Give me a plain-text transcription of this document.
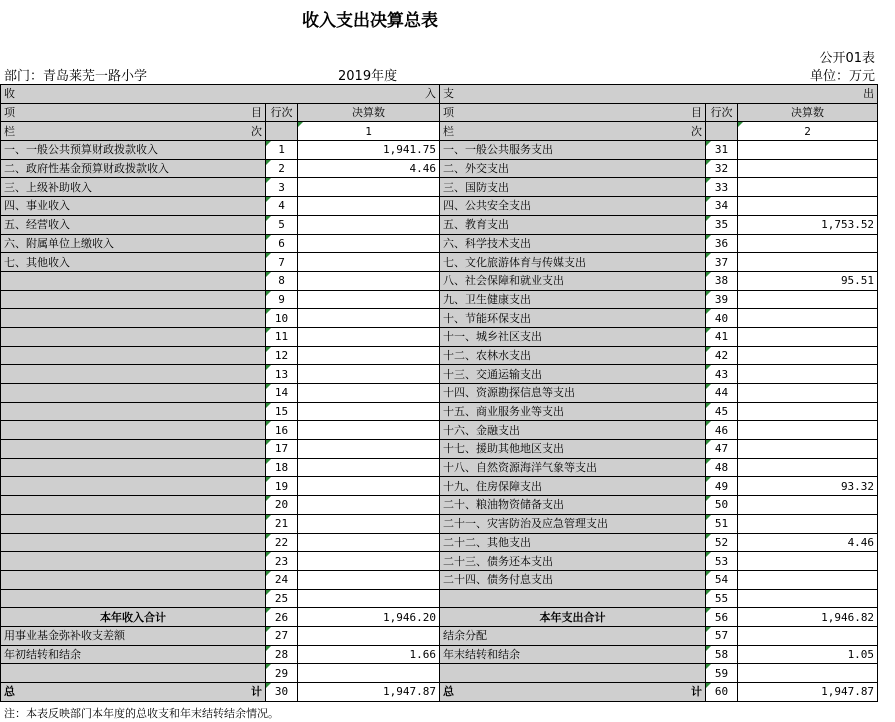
收入支出决算总表
公开01表
部门：青岛莱芜一路小学	2019年度	单位：万元
收 入			支 出		

项 目	行次	决算数	项 目	行次	决算数

栏 次		1	栏 次		2
一、一般公共预算财政拨款收入	1	1,941.75	一、一般公共服务支出	31	
二、政府性基金预算财政拨款收入	2	4.46	二、外交支出	32	
三、上级补助收入	3		三、国防支出	33	
四、事业收入	4		四、公共安全支出	34	
五、经营收入	5		五、教育支出	35	1,753.52
六、附属单位上缴收入	6		六、科学技术支出	36	
七、其他收入	7		七、文化旅游体育与传媒支出	37	
	8		八、社会保障和就业支出	38	95.51
	9		九、卫生健康支出	39	
	10		十、节能环保支出	40	
	11		十一、城乡社区支出	41	
	12		十二、农林水支出	42	
	13		十三、交通运输支出	43	
	14		十四、资源勘探信息等支出	44	
	15		十五、商业服务业等支出	45	
	16		十六、金融支出	46	
	17		十七、援助其他地区支出	47	
	18		十八、自然资源海洋气象等支出	48	
	19		十九、住房保障支出	49	93.32
	20		二十、粮油物资储备支出	50	
	21		二十一、灾害防治及应急管理支出	51	
	22		二十二、其他支出	52	4.46
	23		二十三、债务还本支出	53	
	24		二十四、债务付息支出	54	
	25			55	
本年收入合计	26	1,946.20	本年支出合计	56	1,946.82
用事业基金弥补收支差额	27		结余分配	57	
年初结转和结余	28	1.66	年末结转和结余	58	1.05
	29			59	

总 计	30	1,947.87	总 计	60	1,947.87
注：本表反映部门本年度的总收支和年末结转结余情况。
